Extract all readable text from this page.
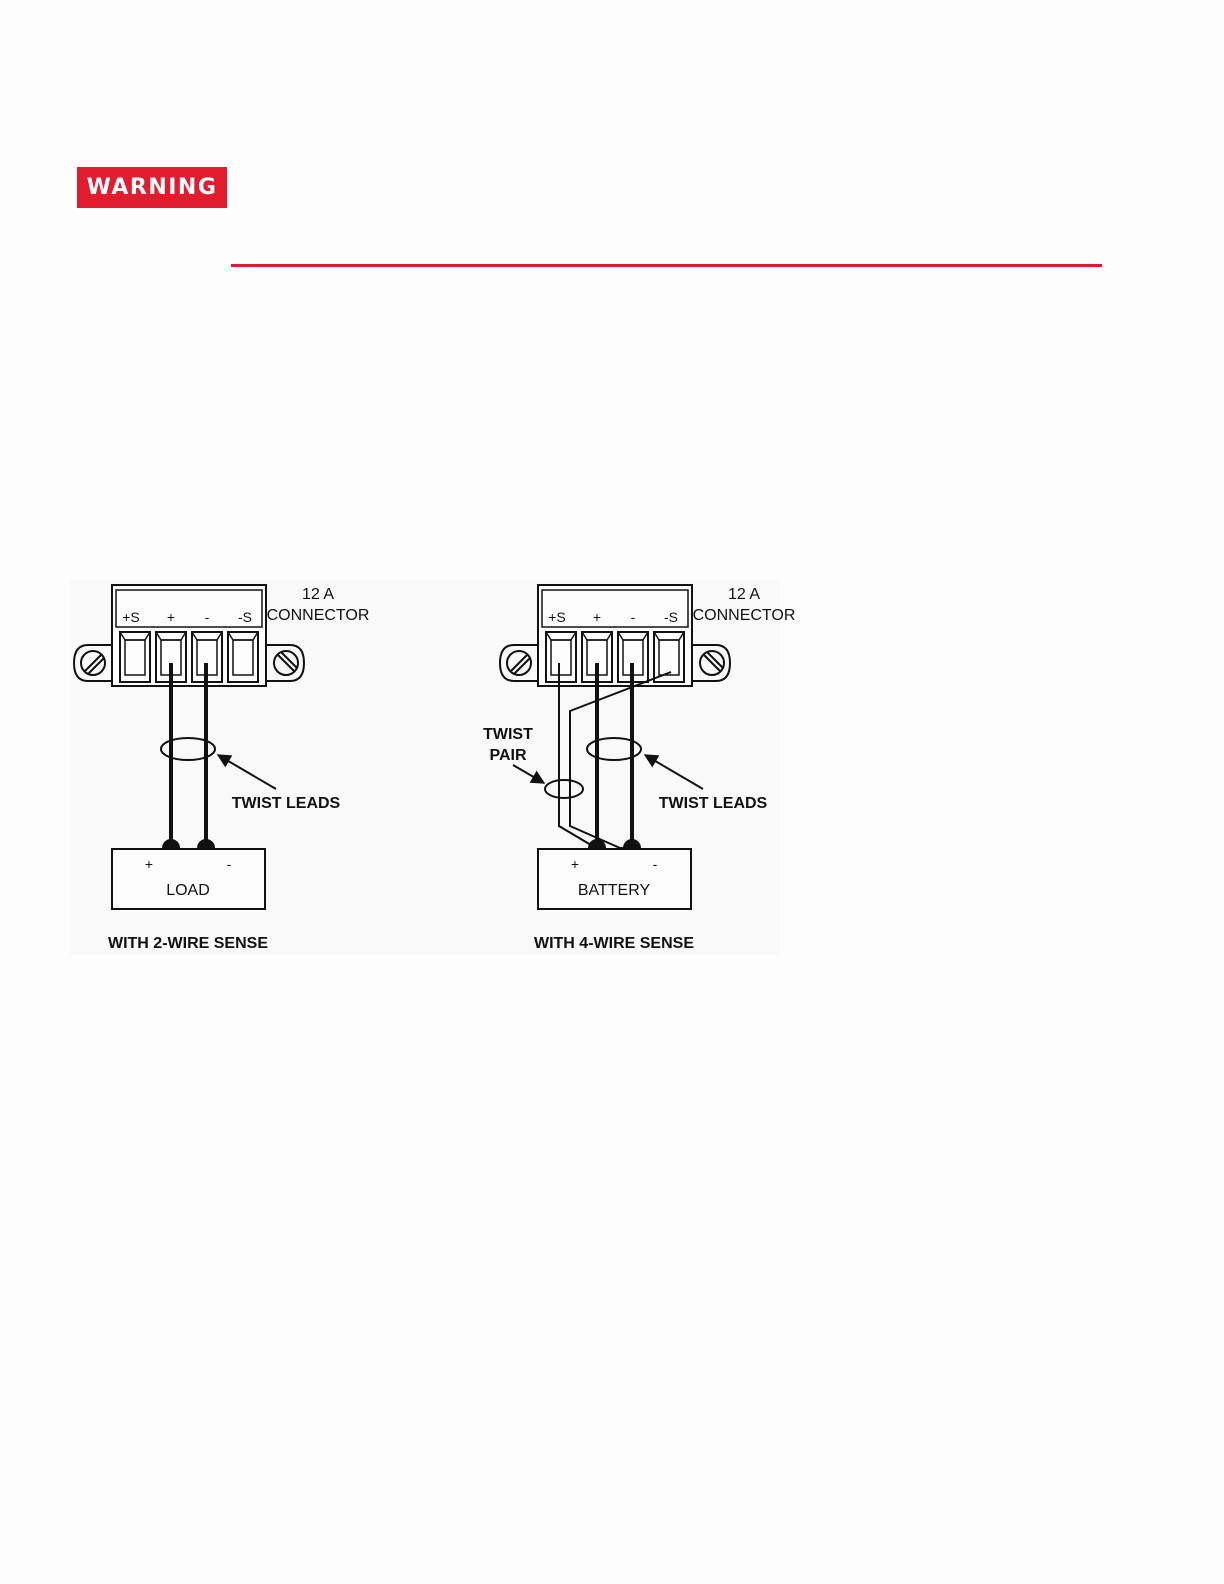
WARNING
+S + - -S
12 A
CONNECTOR
TWIST LEADS
+	-
LOAD
WITH 2-WIRE SENSE
+S + - -S
12 A
CONNECTOR
TWIST LEADS
TWIST
PAIR
+	-
BATTERY
WITH 4-WIRE SENSE
